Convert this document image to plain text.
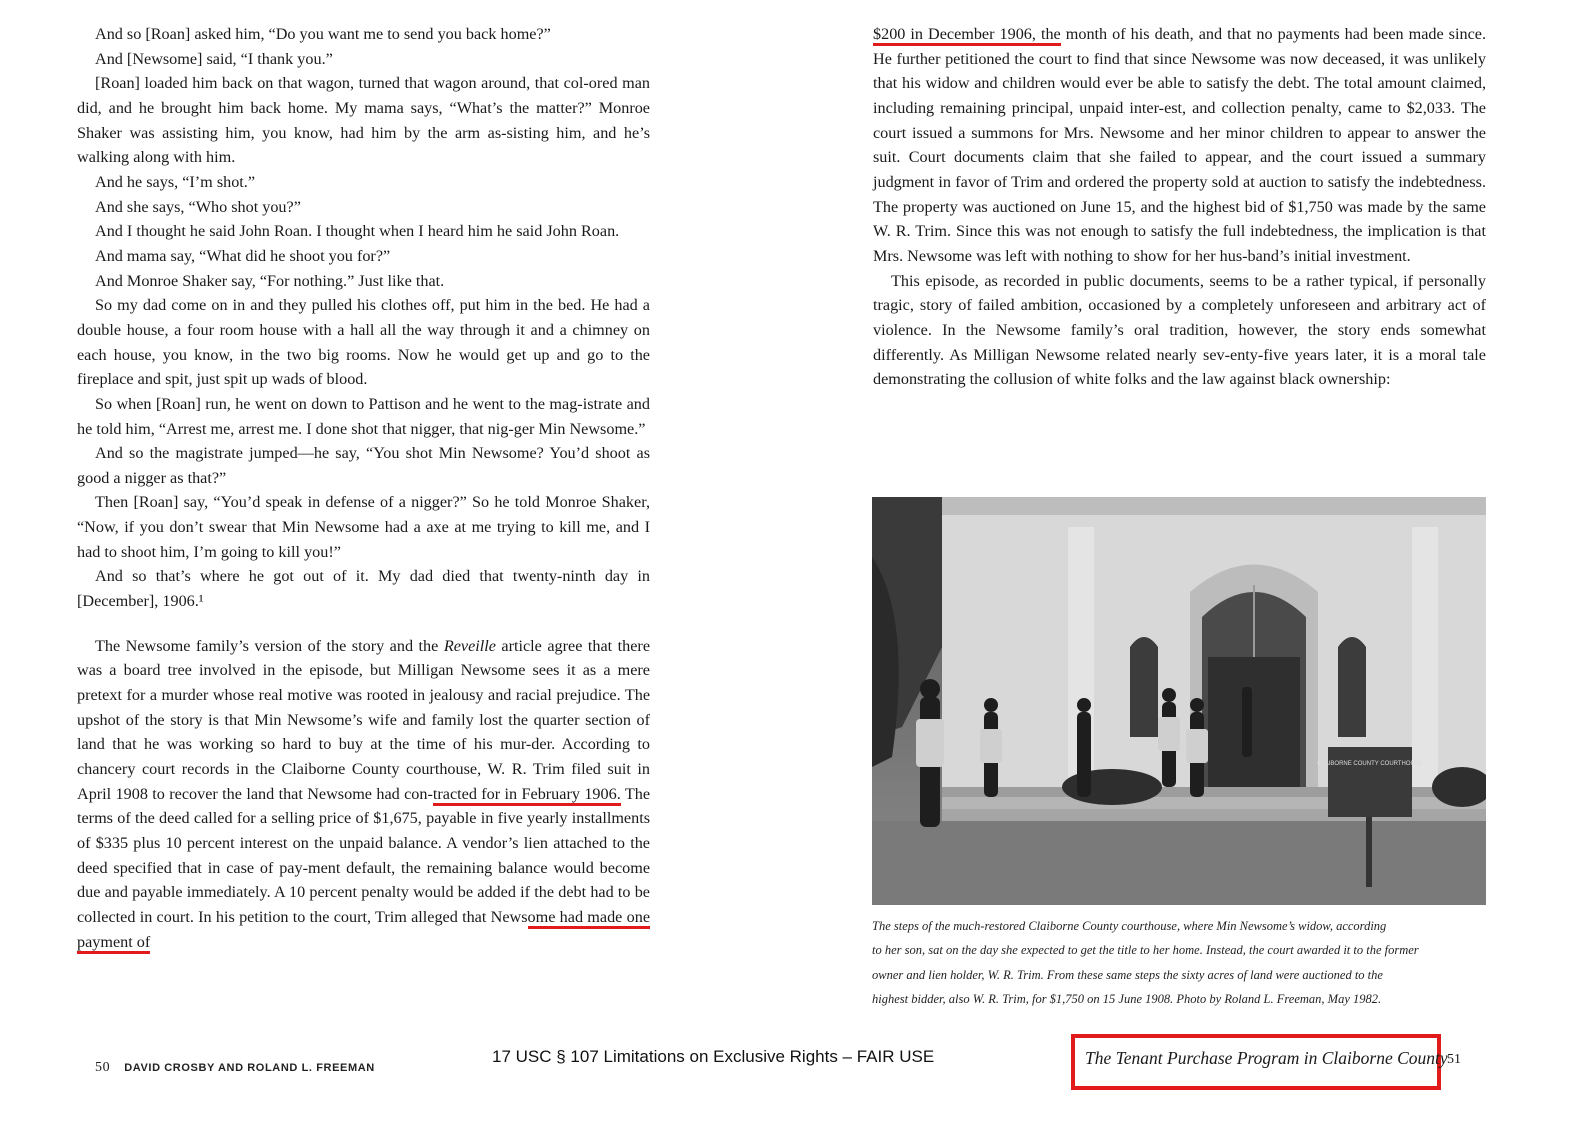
And so [Roan] asked him, “Do you want me to send you back home?”

And [Newsome] said, “I thank you.”

[Roan] loaded him back on that wagon, turned that wagon around, that col-ored man did, and he brought him back home. My mama says, “What’s the matter?” Monroe Shaker was assisting him, you know, had him by the arm as-sisting him, and he’s walking along with him.

And he says, “I’m shot.”

And she says, “Who shot you?”

And I thought he said John Roan. I thought when I heard him he said John Roan.

And mama say, “What did he shoot you for?”

And Monroe Shaker say, “For nothing.” Just like that.

So my dad come on in and they pulled his clothes off, put him in the bed. He had a double house, a four room house with a hall all the way through it and a chimney on each house, you know, in the two big rooms. Now he would get up and go to the fireplace and spit, just spit up wads of blood.

So when [Roan] run, he went on down to Pattison and he went to the mag-istrate and he told him, “Arrest me, arrest me. I done shot that nigger, that nig-ger Min Newsome.”

And so the magistrate jumped—he say, “You shot Min Newsome? You’d shoot as good a nigger as that?”

Then [Roan] say, “You’d speak in defense of a nigger?” So he told Monroe Shaker, “Now, if you don’t swear that Min Newsome had a axe at me trying to kill me, and I had to shoot him, I’m going to kill you!”

And so that’s where he got out of it. My dad died that twenty-ninth day in [December], 1906.¹

The Newsome family’s version of the story and the Reveille article agree that there was a board tree involved in the episode, but Milligan Newsome sees it as a mere pretext for a murder whose real motive was rooted in jealousy and racial prejudice. The upshot of the story is that Min Newsome’s wife and family lost the quarter section of land that he was working so hard to buy at the time of his mur-der. According to chancery court records in the Claiborne County courthouse, W. R. Trim filed suit in April 1908 to recover the land that Newsome had con-tracted for in February 1906. The terms of the deed called for a selling price of $1,675, payable in five yearly installments of $335 plus 10 percent interest on the unpaid balance. A vendor’s lien attached to the deed specified that in case of pay-ment default, the remaining balance would become due and payable immediately. A 10 percent penalty would be added if the debt had to be collected in court. In his petition to the court, Trim alleged that Newsome had made one payment of

$200 in December 1906, the month of his death, and that no payments had been made since. He further petitioned the court to find that since Newsome was now deceased, it was unlikely that his widow and children would ever be able to satisfy the debt. The total amount claimed, including remaining principal, unpaid inter-est, and collection penalty, came to $2,033. The court issued a summons for Mrs. Newsome and her minor children to appear to answer the suit. Court documents claim that she failed to appear, and the court issued a summary judgment in favor of Trim and ordered the property sold at auction to satisfy the indebtedness. The property was auctioned on June 15, and the highest bid of $1,750 was made by the same W. R. Trim. Since this was not enough to satisfy the full indebtedness, the implication is that Mrs. Newsome was left with nothing to show for her hus-band’s initial investment.

This episode, as recorded in public documents, seems to be a rather typical, if personally tragic, story of failed ambition, occasioned by a completely unforeseen and arbitrary act of violence. In the Newsome family’s oral tradition, however, the story ends somewhat differently. As Milligan Newsome related nearly sev-enty-five years later, it is a moral tale demonstrating the collusion of white folks and the law against black ownership:

CLAIBORNE COUNTY COURTHOUSE
The steps of the much-restored Claiborne County courthouse, where Min Newsome’s widow, according
to her son, sat on the day she expected to get the title to her home. Instead, the court awarded it to the former
owner and lien holder, W. R. Trim. From these same steps the sixty acres of land were auctioned to the
highest bidder, also W. R. Trim, for $1,750 on 15 June 1908. Photo by Roland L. Freeman, May 1982.
50 DAVID CROSBY AND ROLAND L. FREEMAN
17 USC § 107 Limitations on Exclusive Rights – FAIR USE	The Tenant Purchase Program in Claiborne County 51
